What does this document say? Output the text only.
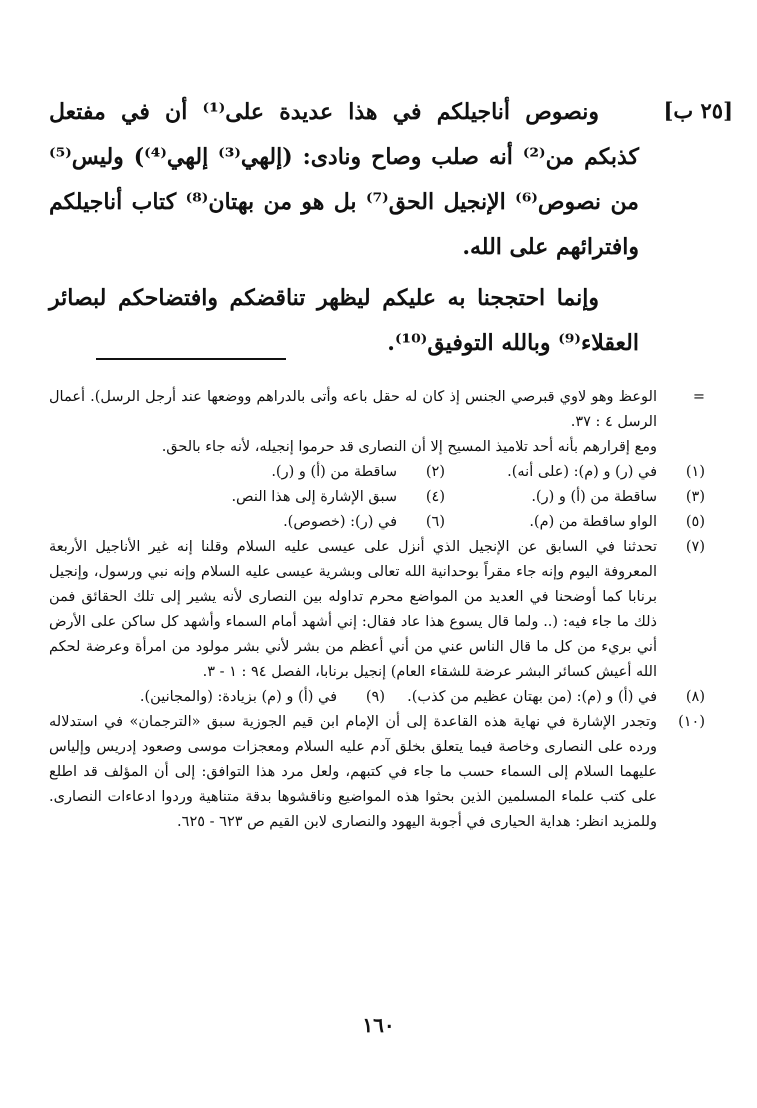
[٢٥ ب]

ونصوص أناجيلكم في هذا عديدة على⁽¹⁾ أن في مفتعل كذبكم من⁽²⁾ أنه صلب وصاح ونادى: (إلهي⁽³⁾ إلهي⁽⁴⁾) وليس⁽⁵⁾ من نصوص⁽⁶⁾ الإنجيل الحق⁽⁷⁾ بل هو من بهتان⁽⁸⁾ كتاب أناجيلكم وافترائهم على الله.

وإنما احتججنا به عليكم ليظهر تناقضكم وافتضاحكم لبصائر العقلاء⁽⁹⁾ وبالله التوفيق⁽¹⁰⁾.

=
الوعظ وهو لاوي قبرصي الجنس إذ كان له حقل باعه وأتى بالدراهم ووضعها عند أرجل الرسل). أعمال الرسل ٤ : ٣٧.
ومع إقرارهم بأنه أحد تلاميذ المسيح إلا أن النصارى قد حرموا إنجيله، لأنه جاء بالحق.
(١)
في (ر) و (م): (على أنه).
(٢)
ساقطة من (أ) و (ر).
(٣)
ساقطة من (أ) و (ر).
(٤)
سبق الإشارة إلى هذا النص.
(٥)
الواو ساقطة من (م).
(٦)
في (ر): (خصوص).
(٧)
تحدثنا في السابق عن الإنجيل الذي أنزل على عيسى عليه السلام وقلنا إنه غير الأناجيل الأربعة المعروفة اليوم وإنه جاء مقراً بوحدانية الله تعالى وبشرية عيسى عليه السلام وإنه نبي ورسول، وإنجيل برنابا كما أوضحنا في العديد من المواضع محرم تداوله بين النصارى لأنه يشير إلى تلك الحقائق فمن ذلك ما جاء فيه: (.. ولما قال يسوع هذا عاد فقال: إني أشهد أمام السماء وأشهد كل ساكن على الأرض أني بريء من كل ما قال الناس عني من أني أعظم من بشر لأني بشر مولود من امرأة وعرضة لحكم الله أعيش كسائر البشر عرضة للشقاء العام) إنجيل برنابا، الفصل ٩٤ : ١ - ٣.
(٨)
في (أ) و (م): (من بهتان عظيم من كذب).
(٩)
في (أ) و (م) بزيادة: (والمجانين).
(١٠)
وتجدر الإشارة في نهاية هذه القاعدة إلى أن الإمام ابن قيم الجوزية سبق «الترجمان» في استدلاله ورده على النصارى وخاصة فيما يتعلق بخلق آدم عليه السلام ومعجزات موسى وصعود إدريس وإلياس عليهما السلام إلى السماء حسب ما جاء في كتبهم، ولعل مرد هذا التوافق: إلى أن المؤلف قد اطلع على كتب علماء المسلمين الذين بحثوا هذه المواضيع وناقشوها بدقة متناهية وردوا ادعاءات النصارى. وللمزيد انظر: هداية الحيارى في أجوبة اليهود والنصارى لابن القيم ص ٦٢٣ - ٦٢٥.
١٦٠
